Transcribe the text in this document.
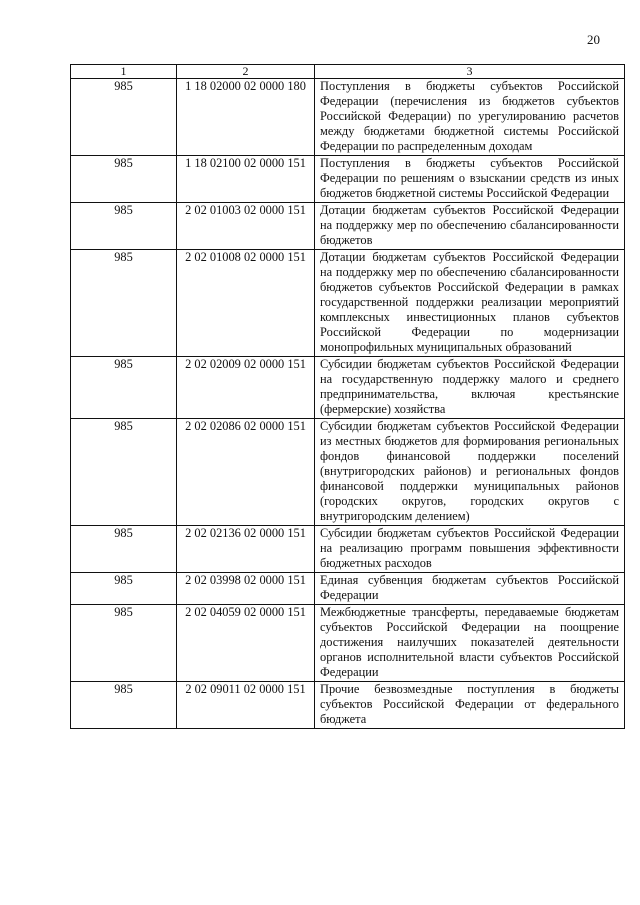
20
1	2	3
985	1 18 02000 02 0000 180	Поступления в бюджеты субъектов Российской Федерации (перечисления из бюджетов субъектов Российской Федерации) по урегулированию расчетов между бюджетами бюджетной системы Российской Федерации по распределенным доходам
985	1 18 02100 02 0000 151	Поступления в бюджеты субъектов Российской Федерации по решениям о взыскании средств из иных бюджетов бюджетной системы Российской Федерации
985	2 02 01003 02 0000 151	Дотации бюджетам субъектов Российской Федерации на поддержку мер по обеспечению сбалансированности бюджетов
985	2 02 01008 02 0000 151	Дотации бюджетам субъектов Российской Федерации на поддержку мер по обеспечению сбалансированности бюджетов субъектов Российской Федерации в рамках государственной поддержки реализации мероприятий комплексных инвестиционных планов субъектов Российской Федерации по модернизации монопрофильных муниципальных образований
985	2 02 02009 02 0000 151	Субсидии бюджетам субъектов Российской Федерации на государственную поддержку малого и среднего предпринимательства, включая крестьянские (фермерские) хозяйства
985	2 02 02086 02 0000 151	Субсидии бюджетам субъектов Российской Федерации из местных бюджетов для формирования региональных фондов финансовой поддержки поселений (внутригородских районов) и региональных фондов финансовой поддержки муниципальных районов (городских округов, городских округов с внутригородским делением)
985	2 02 02136 02 0000 151	Субсидии бюджетам субъектов Российской Федерации на реализацию программ повышения эффективности бюджетных расходов
985	2 02 03998 02 0000 151	Единая субвенция бюджетам субъектов Российской Федерации
985	2 02 04059 02 0000 151	Межбюджетные трансферты, передаваемые бюджетам субъектов Российской Федерации на поощрение достижения наилучших показателей деятельности органов исполнительной власти субъектов Российской Федерации
985	2 02 09011 02 0000 151	Прочие безвозмездные поступления в бюджеты субъектов Российской Федерации от федерального бюджета
